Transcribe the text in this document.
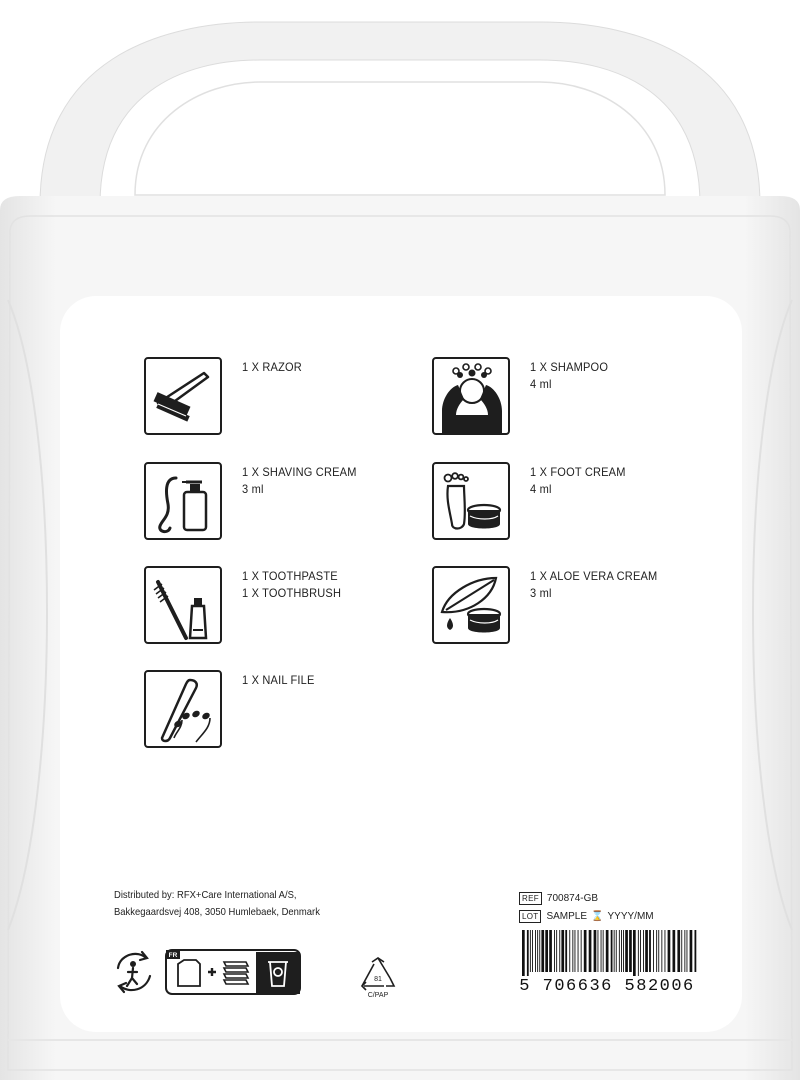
1 X RAZOR
1 X SHAVING CREAM
3 ml
1 X TOOTHPASTE
1 X TOOTHBRUSH
1 X NAIL FILE
1 X SHAMPOO
4 ml
1 X FOOT CREAM
4 ml
1 X ALOE VERA CREAM
3 ml
Distributed by: RFX+Care International A/S,
Bakkegaardsvej 408, 3050 Humlebaek, Denmark
REF 700874-GB
LOT SAMPLE ⌛ YYYY/MM
5 706636 582006
FR
81
C/PAP
